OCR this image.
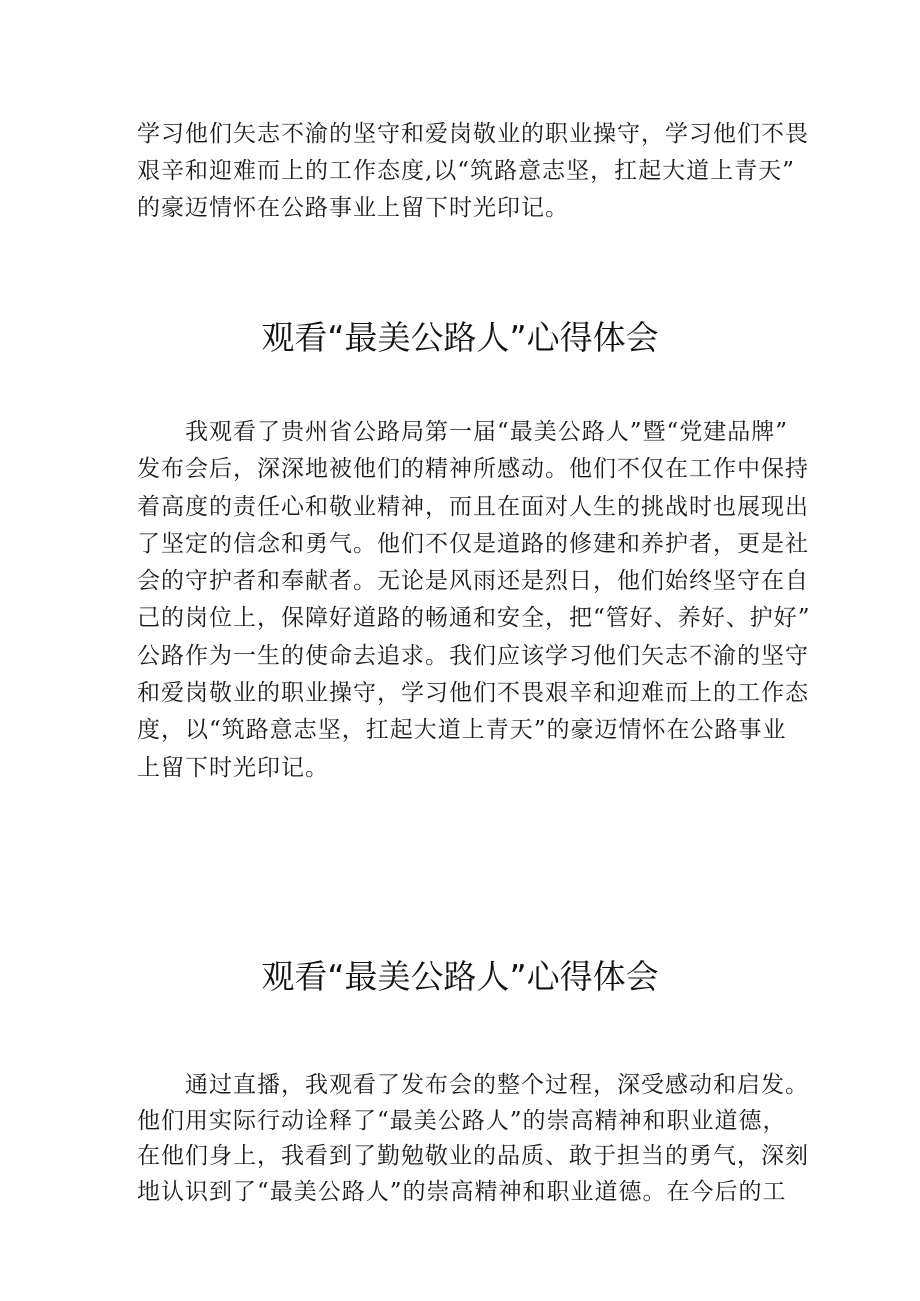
学习他们矢志不渝的坚守和爱岗敬业的职业操守，学习他们不畏
艰辛和迎难而上的工作态度,以“筑路意志坚，扛起大道上青天”
的豪迈情怀在公路事业上留下时光印记。
观看“最美公路人”心得体会
　　我观看了贵州省公路局第一届“最美公路人”暨“党建品牌”
发布会后，深深地被他们的精神所感动。他们不仅在工作中保持
着高度的责任心和敬业精神，而且在面对人生的挑战时也展现出
了坚定的信念和勇气。他们不仅是道路的修建和养护者，更是社
会的守护者和奉献者。无论是风雨还是烈日，他们始终坚守在自
己的岗位上，保障好道路的畅通和安全，把“管好、养好、护好”
公路作为一生的使命去追求。我们应该学习他们矢志不渝的坚守
和爱岗敬业的职业操守，学习他们不畏艰辛和迎难而上的工作态
度，以“筑路意志坚，扛起大道上青天”的豪迈情怀在公路事业
上留下时光印记。
观看“最美公路人”心得体会
　　通过直播，我观看了发布会的整个过程，深受感动和启发。
他们用实际行动诠释了“最美公路人”的崇高精神和职业道德，
在他们身上，我看到了勤勉敬业的品质、敢于担当的勇气，深刻
地认识到了“最美公路人”的崇高精神和职业道德。在今后的工
